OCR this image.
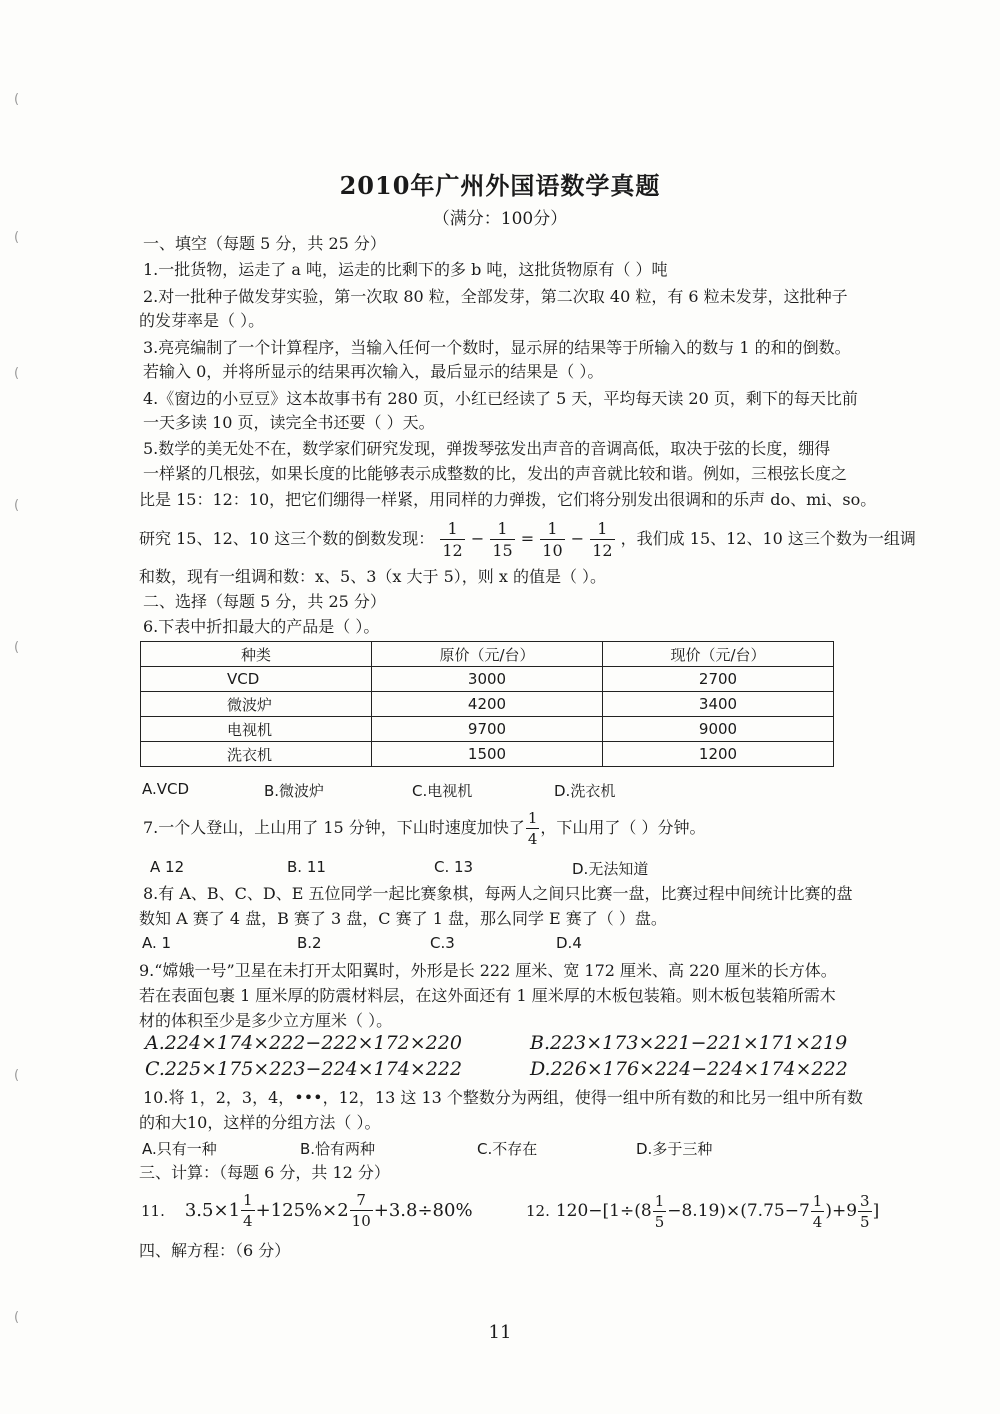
(
(
(
(
(
(
(
2010年广州外国语数学真题
（满分：100分）
一、填空（每题 5 分，共 25 分）
1.一批货物，运走了 a 吨，运走的比剩下的多 b 吨，这批货物原有（ ）吨
2.对一批种子做发芽实验，第一次取 80 粒，全部发芽，第二次取 40 粒，有 6 粒未发芽，这批种子
的发芽率是（ ）。
3.亮亮编制了一个计算程序，当输入任何一个数时，显示屏的结果等于所输入的数与 1 的和的倒数。
若输入 0，并将所显示的结果再次输入，最后显示的结果是（ ）。
4.《窗边的小豆豆》这本故事书有 280 页，小红已经读了 5 天，平均每天读 20 页，剩下的每天比前
一天多读 10 页，读完全书还要（ ）天。
5.数学的美无处不在，数学家们研究发现，弹拨琴弦发出声音的音调高低，取决于弦的长度，绷得
一样紧的几根弦，如果长度的比能够表示成整数的比，发出的声音就比较和谐。例如，三根弦长度之
比是 15：12：10，把它们绷得一样紧，用同样的力弹拨，它们将分别发出很调和的乐声 do、mi、so。
研究 15、12、10 这三个数的倒数发现： $\frac{1}{12} - \frac{1}{15} = \frac{1}{10} - \frac{1}{12}$ ，我们成 15、12、10 这三个数为一组调
和数，现有一组调和数：x、5、3（x 大于 5），则 x 的值是（ ）。
二、选择（每题 5 分，共 25 分）
6.下表中折扣最大的产品是（ ）。
种类	原价（元/台）	现价（元/台）
VCD	3000	2700
微波炉	4200	3400
电视机	9700	9000
洗衣机	1500	1200
A.VCD	B.微波炉	C.电视机	D.洗衣机
7.一个人登山，上山用了 15 分钟，下山时速度加快了 $\frac{1}{4}$ ，下山用了（ ）分钟。
A 12	B. 11	C. 13	D.无法知道
8.有 A、B、C、D、E 五位同学一起比赛象棋，每两人之间只比赛一盘，比赛过程中间统计比赛的盘
数知 A 赛了 4 盘，B 赛了 3 盘，C 赛了 1 盘，那么同学 E 赛了（ ）盘。
A. 1	B.2	C.3	D.4
9.“嫦娥一号”卫星在未打开太阳翼时，外形是长 222 厘米、宽 172 厘米、高 220 厘米的长方体。
若在表面包裹 1 厘米厚的防震材料层，在这外面还有 1 厘米厚的木板包装箱。则木板包装箱所需木
材的体积至少是多少立方厘米（ ）。
A.224×174×222−222×172×220	B.223×173×221−221×171×219
C.225×175×223−224×174×222	D.226×176×224−224×174×222
10.将 1，2，3，4，•••，12，13 这 13 个整数分为两组，使得一组中所有数的和比另一组中所有数
的和大10，这样的分组方法（ ）。
A.只有一种	B.恰有两种	C.不存在	D.多于三种
三、计算：（每题 6 分，共 12 分）
11. $3.5\times 1 \frac{1}{4} +125\%\times 2 \frac{7}{10} +3.8\div 80\%$	12. $120-[1\div(8 \frac{1}{5} -8.19)\times(7.75-7 \frac{1}{4} )+9 \frac{3}{5}$ ]
四、解方程：（6 分）
11
